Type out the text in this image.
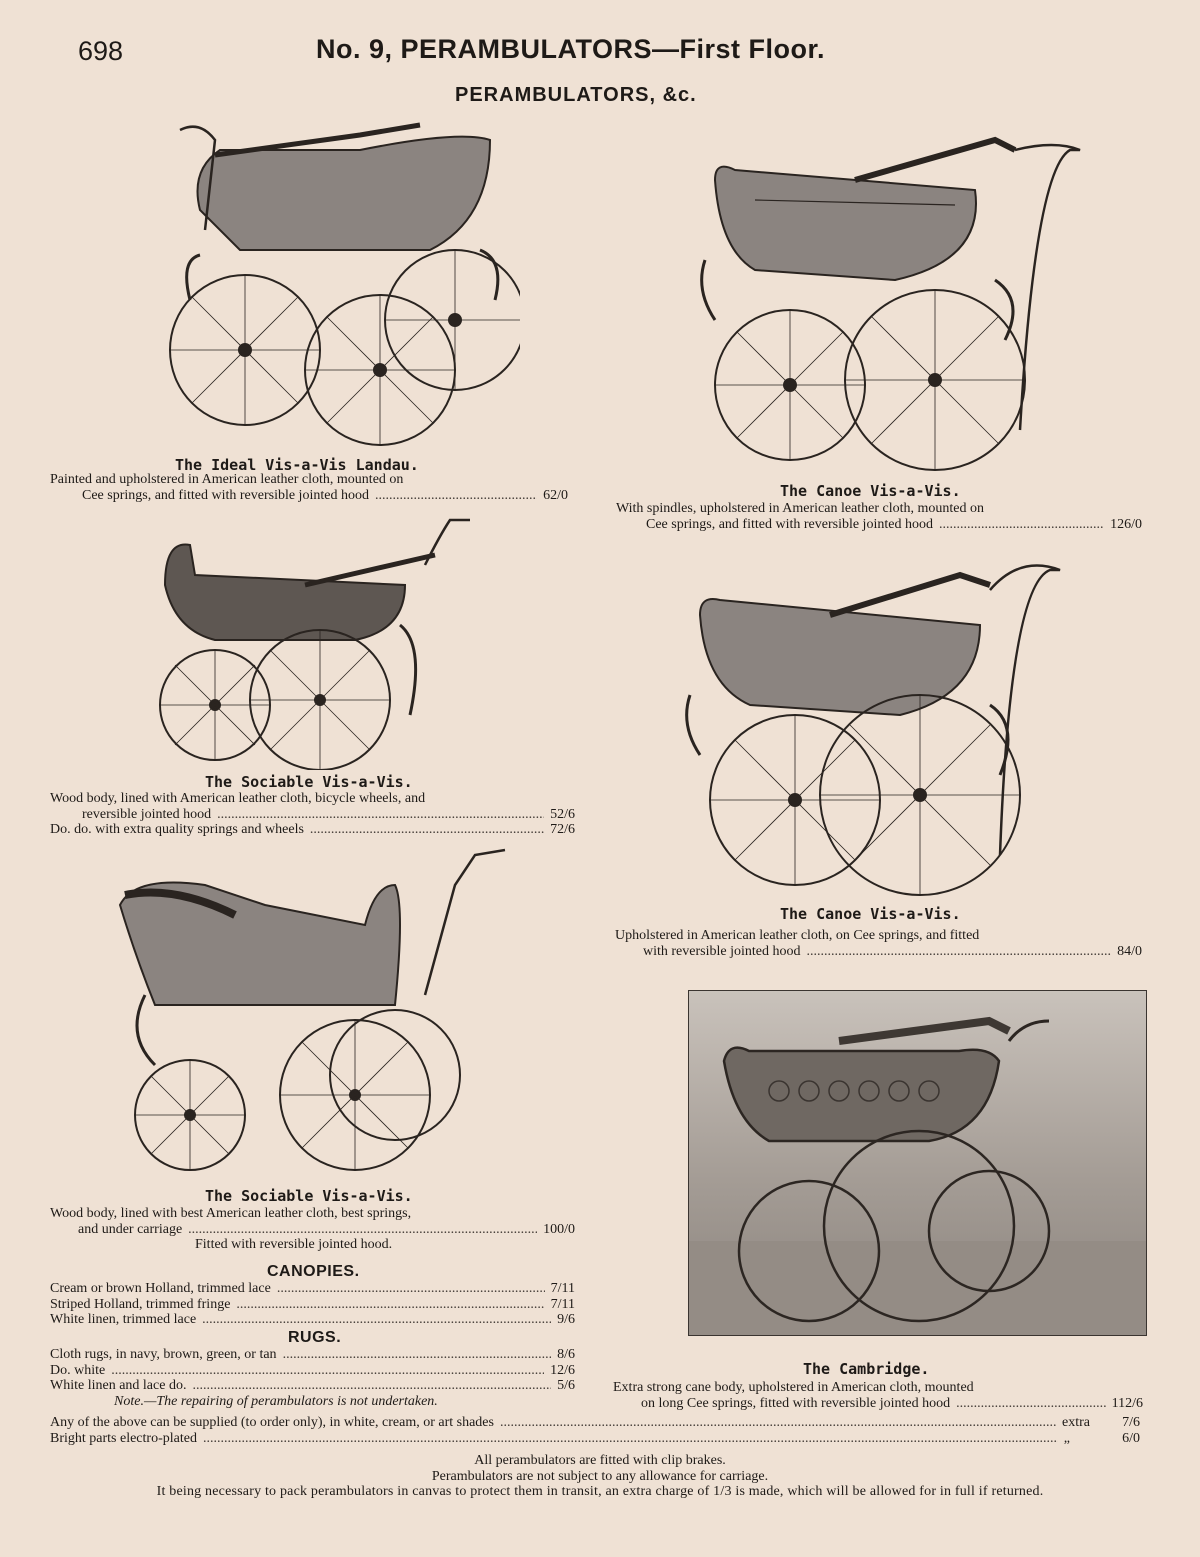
698	No. 9, PERAMBULATORS—First Floor.
PERAMBULATORS, &c.
The Ideal Vis-a-Vis Landau.
Painted and upholstered in American leather cloth, mounted on
Cee springs, and fitted with reversible jointed hood .....	62/0	The Canoe Vis-a-Vis.
With spindles, upholstered in American leather cloth, mounted on
Cee springs, and fitted with reversible jointed hood .....	126/0
The Sociable Vis-a-Vis.
Wood body, lined with American leather cloth, bicycle wheels, and
reversible jointed hood .....	52/6
Do. do. with extra quality springs and wheels .....	72/6
The Canoe Vis-a-Vis.
Upholstered in American leather cloth, on Cee springs, and fitted
with reversible jointed hood .....	84/0
The Sociable Vis-a-Vis.
Wood body, lined with best American leather cloth, best springs,
and under carriage .....	100/0
Fitted with reversible jointed hood.
CANOPIES.
Cream or brown Holland, trimmed lace .....	7/11
Striped Holland, trimmed fringe .....	7/11
White linen, trimmed lace .....	9/6
RUGS.
Cloth rugs, in navy, brown, green, or tan .....	8/6
Do. white .....	12/6
White linen and lace do. .....	5/6
Note.—The repairing of perambulators is not undertaken.
The Cambridge.
Extra strong cane body, upholstered in American cloth, mounted
on long Cee springs, fitted with reversible jointed hood .....	112/6
Any of the above can be supplied (to order only), in white, cream, or art shades .....	extra	7/6
Bright parts electro-plated .....	„	6/0
All perambulators are fitted with clip brakes.
Perambulators are not subject to any allowance for carriage.
It being necessary to pack perambulators in canvas to protect them in transit, an extra charge of 1/3 is made, which will be allowed for in full if returned.
